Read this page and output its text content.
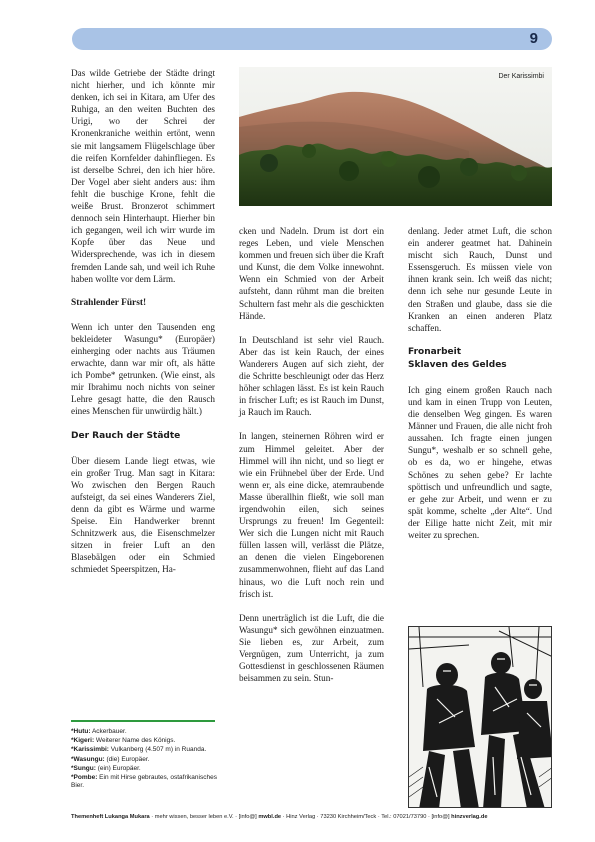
9

Das wilde Getriebe der Städte dringt nicht hierher, und ich könnte mir denken, ich sei in Kitara, am Ufer des Ruhiga, an den weiten Buchten des Urigi, wo der Schrei der Kronenkraniche weithin ertönt, wenn sie mit langsamem Flügelschlage über die reifen Kornfelder dahinfliegen. Es ist derselbe Schrei, den ich hier höre. Der Vogel aber sieht anders aus: ihm fehlt die buschige Krone, fehlt die weiße Brust. Bronzerot schimmert dennoch sein Hinterhaupt. Hierher bin ich gegangen, weil ich wirr wurde im Kopfe über das Neue und Widersprechende, was ich in diesem fremden Lande sah, und weil ich Ruhe haben wollte vor dem Lärm.

Strahlender Fürst!

Wenn ich unter den Tausenden eng bekleideter Wasungu* (Europäer) einherging oder nachts aus Träumen erwachte, dann war mir oft, als hätte ich Pombe* getrunken. (Wie einst, als mir Ibrahimu noch nichts von seiner Lehre gesagt hatte, die den Rausch eines Menschen für unwürdig hält.)

Der Rauch der Städte

Über diesem Lande liegt etwas, wie ein großer Trug. Man sagt in Kitara: Wo zwischen den Bergen Rauch aufsteigt, da sei eines Wanderers Ziel, denn da gibt es Wärme und warme Speise. Ein Handwerker brennt Schnitzwerk aus, die Eisenschmelzer sitzen in freier Luft an den Blasebälgen oder ein Schmied schmiedet Speerspitzen, Ha-

Der Karissimbi

cken und Nadeln. Drum ist dort ein reges Leben, und viele Menschen kommen und freuen sich über die Kraft und Kunst, die dem Volke innewohnt. Wenn ein Schmied von der Arbeit aufsteht, dann rühmt man die breiten Schultern fast mehr als die geschickten Hände.

In Deutschland ist sehr viel Rauch. Aber das ist kein Rauch, der eines Wanderers Augen auf sich zieht, der die Schritte beschleunigt oder das Herz höher schlagen lässt. Es ist kein Rauch in frischer Luft; es ist Rauch im Dunst, ja Rauch im Rauch.

In langen, steinernen Röhren wird er zum Himmel geleitet. Aber der Himmel will ihn nicht, und so liegt er wie ein Frühnebel über der Erde. Und wenn er, als eine dicke, atemraubende Masse überallhin fließt, wie soll man irgendwohin eilen, sich seines Ursprungs zu freuen! Im Gegenteil: Wer sich die Lungen nicht mit Rauch füllen lassen will, verlässt die Plätze, an denen die vielen Eingeborenen zusammenwohnen, flieht auf das Land hinaus, wo die Luft noch rein und frisch ist.

Denn unerträglich ist die Luft, die die Wasungu* sich gewöhnen einzuatmen. Sie lieben es, zur Arbeit, zum Vergnügen, zum Unterricht, ja zum Gottesdienst in geschlossenen Räumen beisammen zu sein. Stun-

denlang. Jeder atmet Luft, die schon ein anderer geatmet hat. Dahinein mischt sich Rauch, Dunst und Essensgeruch. Es müssen viele von ihnen krank sein. Ich weiß das nicht; denn ich sehe nur gesunde Leute in den Straßen und glaube, dass sie die Kranken an einen anderen Platz schaffen.

Fronarbeit
Sklaven des Geldes

Ich ging einem großen Rauch nach und kam in einen Trupp von Leuten, die denselben Weg gingen. Es waren Männer und Frauen, die alle nicht froh aussahen. Ich fragte einen jungen Sungu*, weshalb er so schnell gehe, ob es da, wo er hingehe, etwas Schönes zu sehen gebe? Er lachte spöttisch und unfreundlich und sagte, er gehe zur Arbeit, und wenn er zu spät komme, schelte „der Alte“. Und der Eilige hatte nicht Zeit, mit mir weiter zu sprechen.

*Hutu: Ackerbauer.
*Kigeri: Weiterer Name des Königs.
*Karissimbi: Vulkanberg (4.507 m) in Ruanda.
*Wasungu: (die) Europäer.
*Sungu: (ein) Europäer.
*Pombe: Ein mit Hirse gebrautes, ostafrikanisches Bier.
Themenheft Lukanga Mukara · mehr wissen, besser leben e.V. · [info@] mwbl.de · Hinz Verlag · 73230 Kirchheim/Teck · Tel.: 07021/73790 · [info@] hinzverlag.de
